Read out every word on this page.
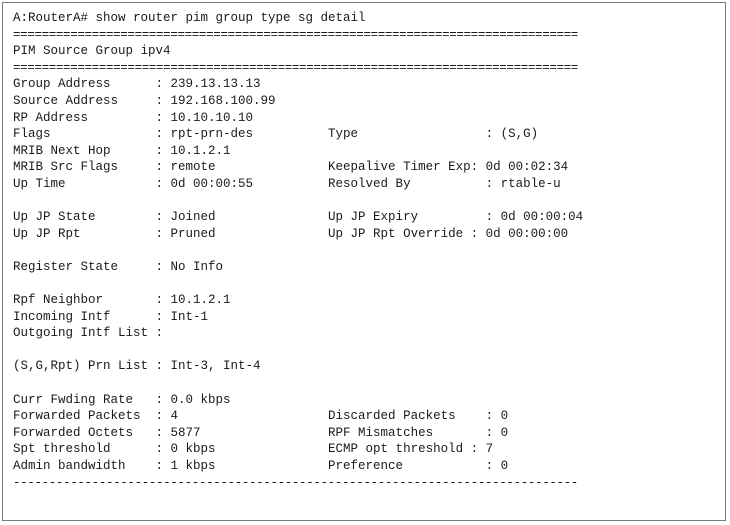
A:RouterA# show router pim group type sg detail
===============================================================================
PIM Source Group ipv4
===============================================================================
Group Address      : 239.13.13.13
Source Address     : 192.168.100.99
RP Address         : 10.10.10.10
Flags              : rpt-prn-des          Type                 : (S,G)
MRIB Next Hop      : 10.1.2.1
MRIB Src Flags     : remote               Keepalive Timer Exp: 0d 00:02:34
Up Time            : 0d 00:00:55          Resolved By          : rtable-u
Up JP State        : Joined               Up JP Expiry         : 0d 00:00:04
Up JP Rpt          : Pruned               Up JP Rpt Override : 0d 00:00:00
Register State     : No Info
Rpf Neighbor       : 10.1.2.1
Incoming Intf      : Int-1
Outgoing Intf List :
(S,G,Rpt) Prn List : Int-3, Int-4
Curr Fwding Rate   : 0.0 kbps
Forwarded Packets  : 4                    Discarded Packets    : 0
Forwarded Octets   : 5877                 RPF Mismatches       : 0
Spt threshold      : 0 kbps               ECMP opt threshold : 7
Admin bandwidth    : 1 kbps               Preference           : 0
-------------------------------------------------------------------------------
